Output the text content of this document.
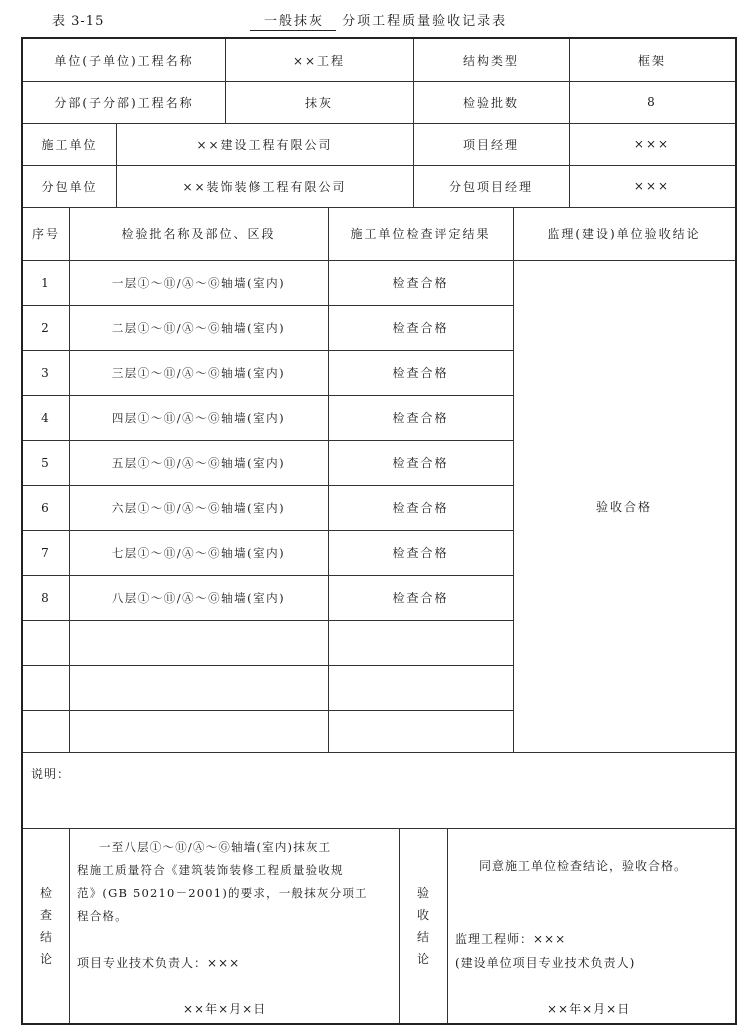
表 3-15	一般抹灰 分项工程质量验收记录表
单位(子单位)工程名称	××工程	结构类型	框架
分部(子分部)工程名称	抹灰	检验批数	8
施工单位	××建设工程有限公司	项目经理	×××
分包单位	××装饰装修工程有限公司	分包项目经理	×××
序号	检验批名称及部位、区段	施工单位检查评定结果	监理(建设)单位验收结论
1	一层①～⑪/Ⓐ～Ⓖ轴墙(室内)	检查合格
2	二层①～⑪/Ⓐ～Ⓖ轴墙(室内)	检查合格
3	三层①～⑪/Ⓐ～Ⓖ轴墙(室内)	检查合格
4	四层①～⑪/Ⓐ～Ⓖ轴墙(室内)	检查合格
5	五层①～⑪/Ⓐ～Ⓖ轴墙(室内)	检查合格
6	六层①～⑪/Ⓐ～Ⓖ轴墙(室内)	检查合格
7	七层①～⑪/Ⓐ～Ⓖ轴墙(室内)	检查合格
8	八层①～⑪/Ⓐ～Ⓖ轴墙(室内)	检查合格
验收合格
说明：
检
查
结
论
一至八层①～⑪/Ⓐ～Ⓖ轴墙(室内)抹灰工
程施工质量符合《建筑装饰装修工程质量验收规
范》(GB 50210－2001)的要求，一般抹灰分项工
程合格。
项目专业技术负责人：×××
××年×月×日
验
收
结
论
同意施工单位检查结论，验收合格。
监理工程师：×××
(建设单位项目专业技术负责人)
××年×月×日
